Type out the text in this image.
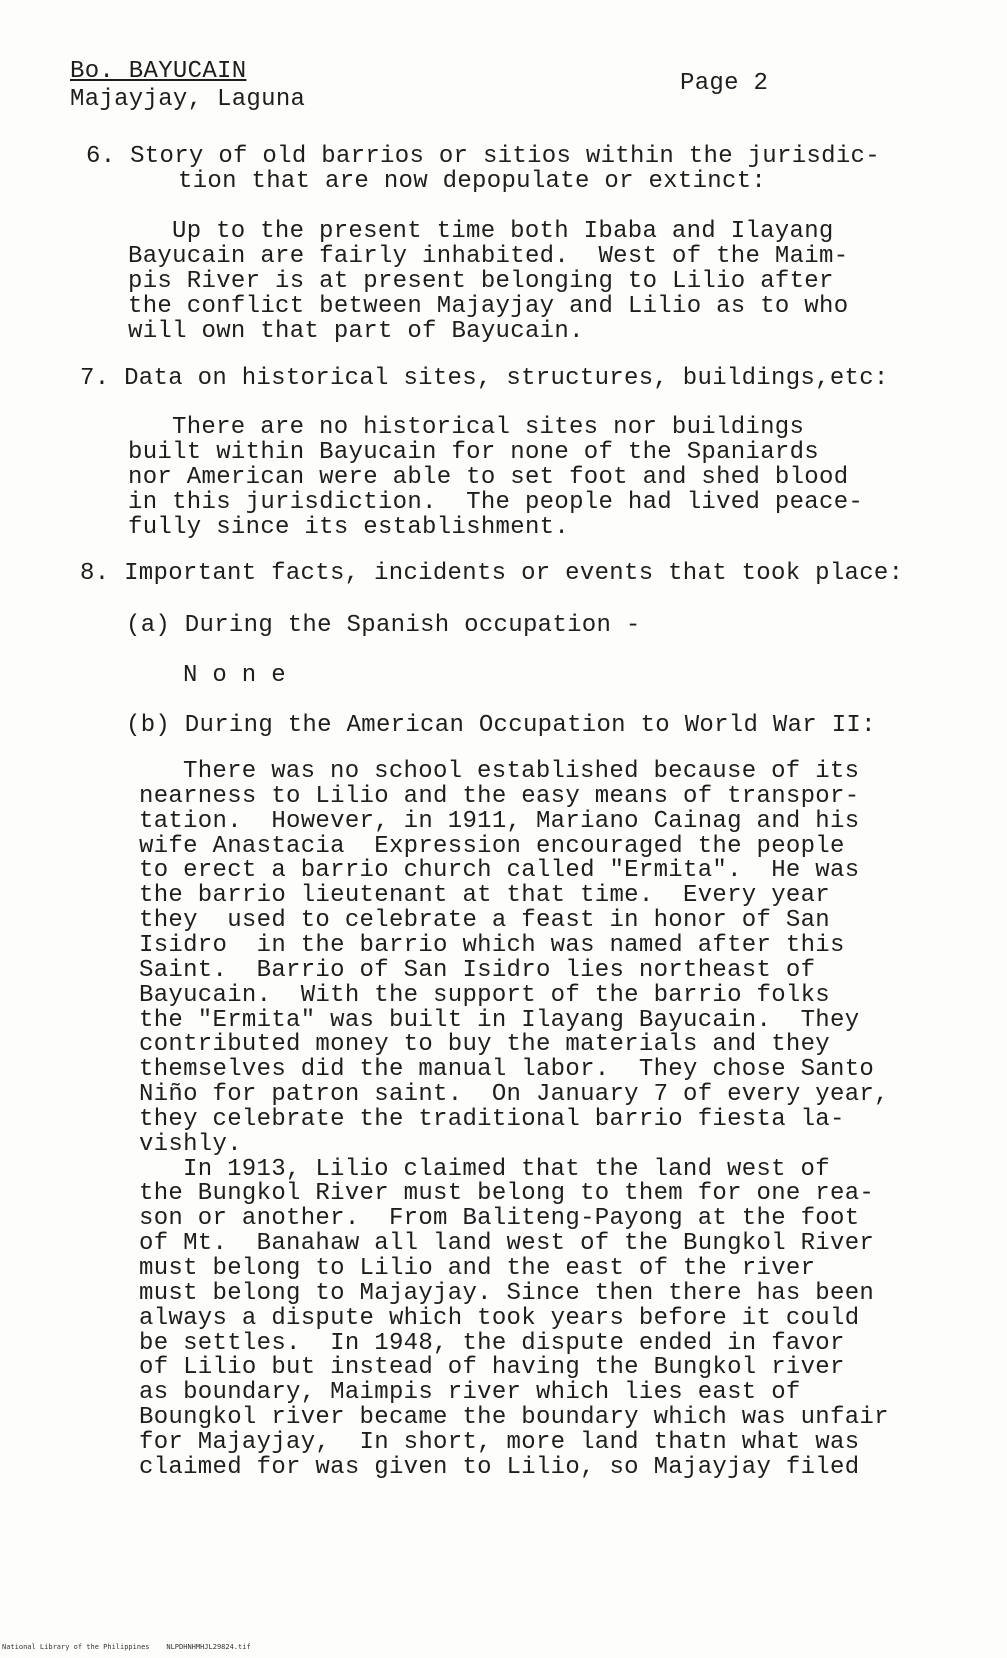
Bo. BAYUCAIN
Majayjay, Laguna
Page 2
6. Story of old barrios or sitios within the jurisdic-
tion that are now depopulate or extinct:
Up to the present time both Ibaba and Ilayang
Bayucain are fairly inhabited.  West of the Maim-
pis River is at present belonging to Lilio after
the conflict between Majayjay and Lilio as to who
will own that part of Bayucain.
7. Data on historical sites, structures, buildings,etc:
There are no historical sites nor buildings
built within Bayucain for none of the Spaniards
nor American were able to set foot and shed blood
in this jurisdiction.  The people had lived peace-
fully since its establishment.
8. Important facts, incidents or events that took place:
(a) During the Spanish occupation -
N o n e
(b) During the American Occupation to World War II:
There was no school established because of its
nearness to Lilio and the easy means of transpor-
tation.  However, in 1911, Mariano Cainag and his
wife Anastacia  Expression encouraged the people
to erect a barrio church called "Ermita".  He was
the barrio lieutenant at that time.  Every year
they  used to celebrate a feast in honor of San
Isidro  in the barrio which was named after this
Saint.  Barrio of San Isidro lies northeast of
Bayucain.  With the support of the barrio folks
the "Ermita" was built in Ilayang Bayucain.  They
contributed money to buy the materials and they
themselves did the manual labor.  They chose Santo
Niño for patron saint.  On January 7 of every year,
they celebrate the traditional barrio fiesta la-
vishly.
In 1913, Lilio claimed that the land west of
the Bungkol River must belong to them for one rea-
son or another.  From Baliteng-Payong at the foot
of Mt.  Banahaw all land west of the Bungkol River
must belong to Lilio and the east of the river
must belong to Majayjay. Since then there has been
always a dispute which took years before it could
be settles.  In 1948, the dispute ended in favor
of Lilio but instead of having the Bungkol river
as boundary, Maimpis river which lies east of
Boungkol river became the boundary which was unfair
for Majayjay,  In short, more land thatn what was
claimed for was given to Lilio, so Majayjay filed
National Library of the Philippines NLPDHNHMHJL29824.tif
